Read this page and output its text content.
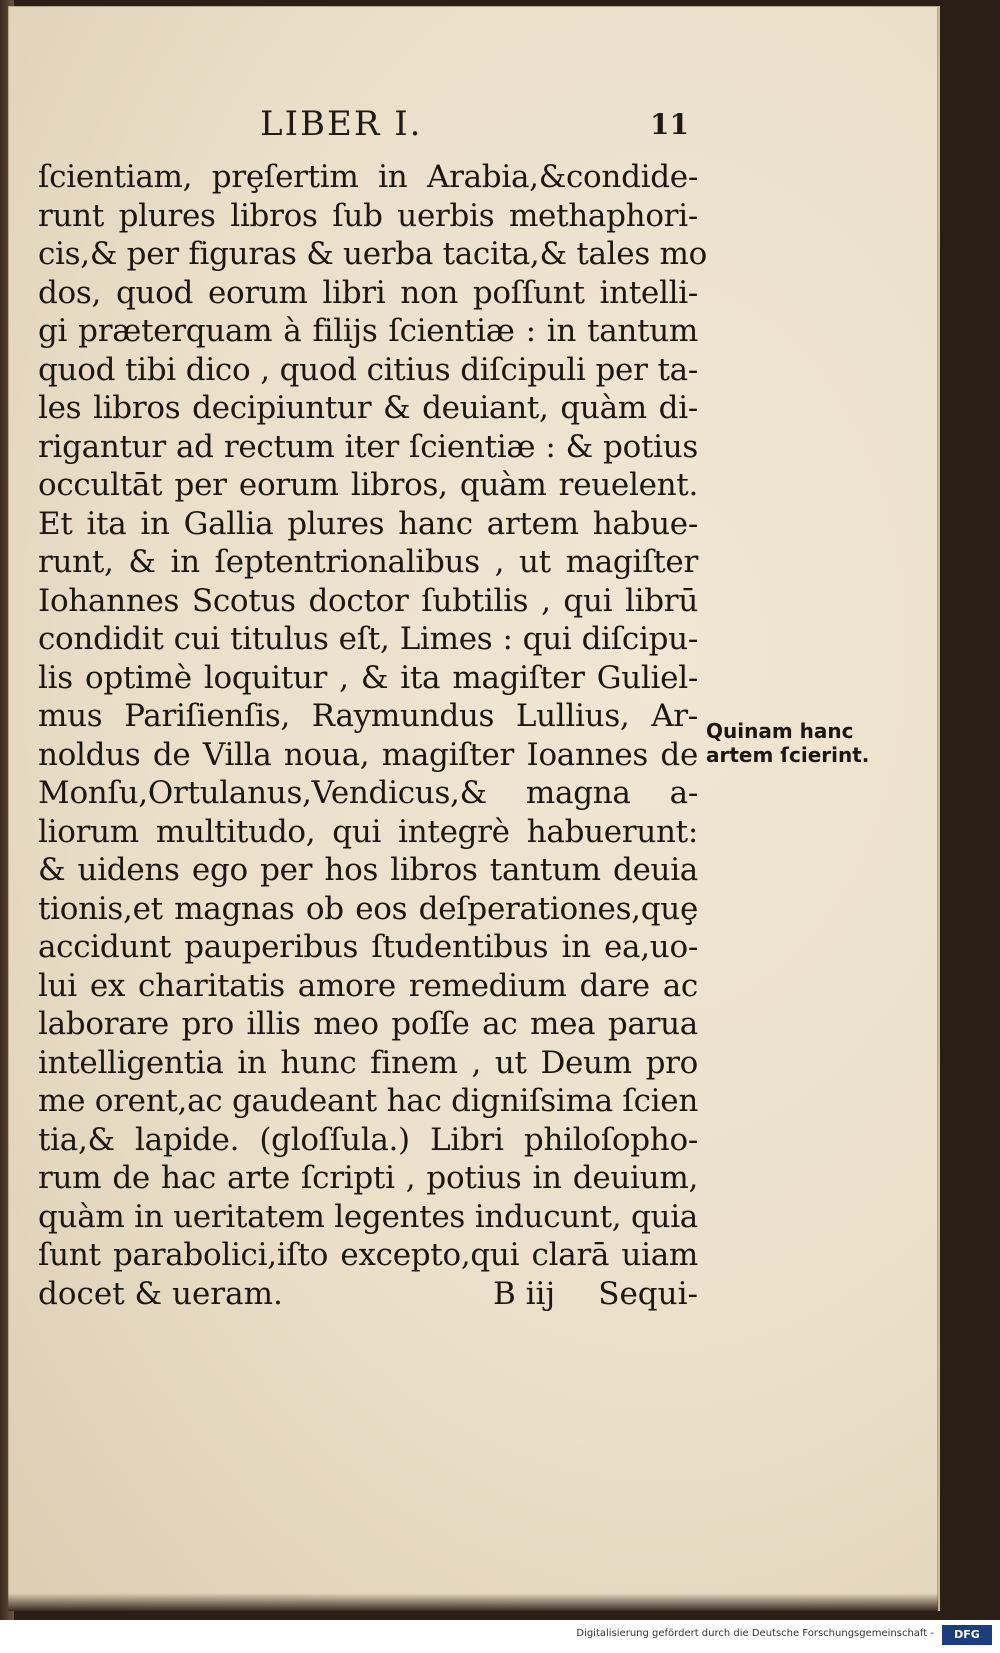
LIBER I.	11
ſcientiam, prȩſertim in Arabia,&condide-
runt plures libros ſub uerbis methaphori-
cis,& per figuras & uerba tacita,& tales mo
dos, quod eorum libri non poſſunt intelli-
gi præterquam à filijs ſcientiæ : in tantum
quod tibi dico , quod citius diſcipuli per ta-
les libros decipiuntur & deuiant, quàm di-
rigantur ad rectum iter ſcientiæ : & potius
occultāt per eorum libros, quàm reuelent.
Et ita in Gallia plures hanc artem habue-
runt, & in ſeptentrionalibus , ut magiſter
Iohannes Scotus doctor ſubtilis , qui librū
condidit cui titulus eſt, Limes : qui diſcipu-
lis optimè loquitur , & ita magiſter Guliel-
mus Pariſienſis, Raymundus Lullius, Ar-
noldus de Villa noua, magiſter Ioannes de
Monſu,Ortulanus,Vendicus,& magna a-
liorum multitudo, qui integrè habuerunt:
& uidens ego per hos libros tantum deuia
tionis,et magnas ob eos deſperationes,quȩ
accidunt pauperibus ſtudentibus in ea,uo-
lui ex charitatis amore remedium dare ac
laborare pro illis meo poſſe ac mea parua
intelligentia in hunc finem , ut Deum pro
me orent,ac gaudeant hac digniſsima ſcien
tia,& lapide. (gloſſula.) Libri philoſopho-
rum de hac arte ſcripti , potius in deuium,
quàm in ueritatem legentes inducunt, quia
ſunt parabolici,iſto excepto,qui clarā uiam
docet & ueram.	B iij Sequi-
Quinam hanc
artem ſcierint.
Digitalisierung gefördert durch die Deutsche Forschungsgemeinschaft -	DFG
